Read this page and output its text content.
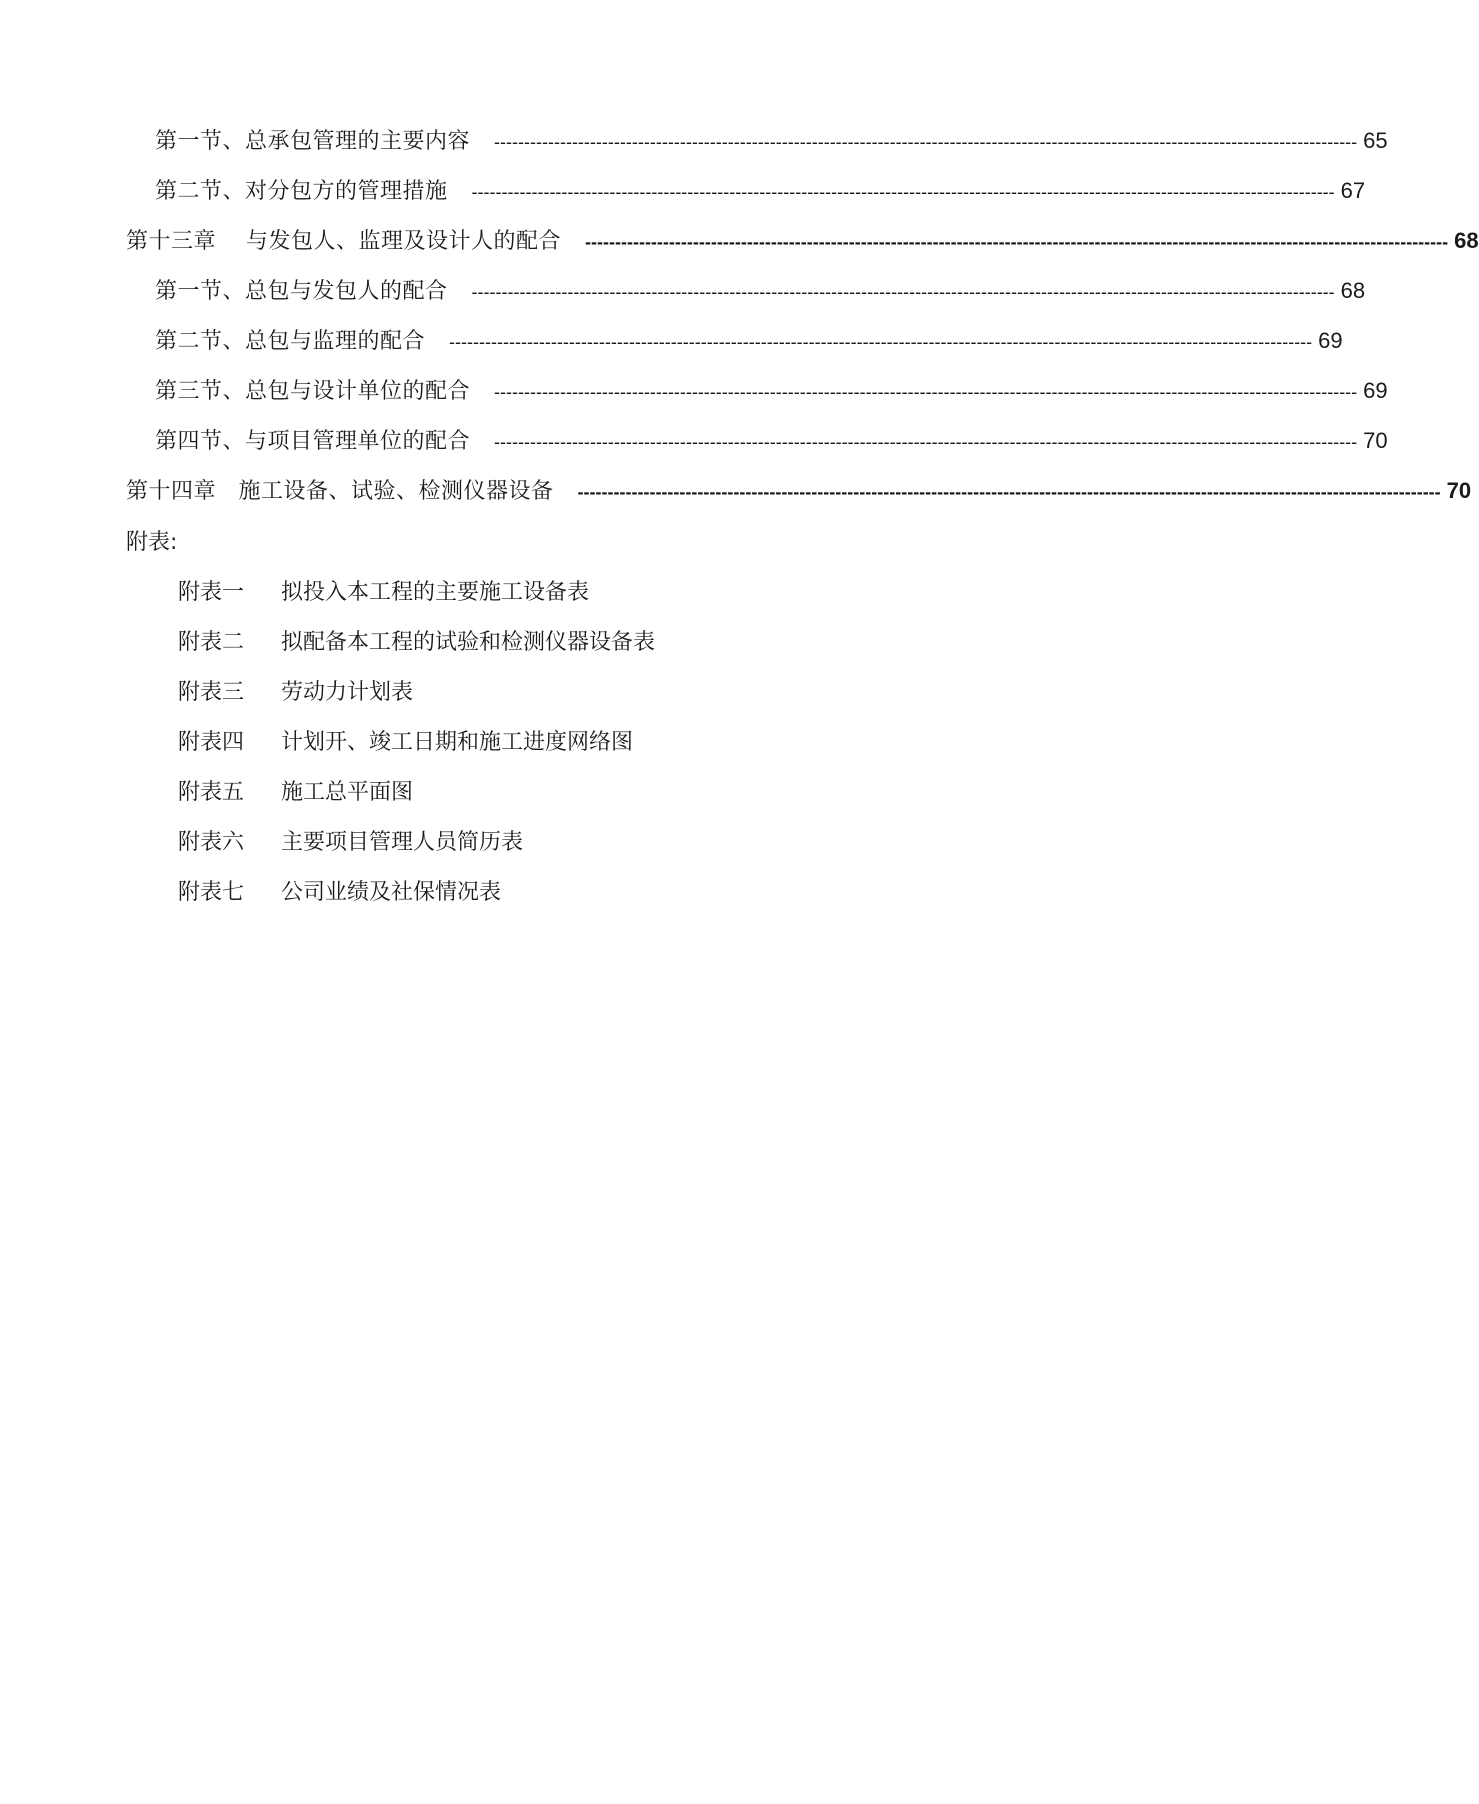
第一节、总承包管理的主要内容 ------------------------------------------------------------------------------------------------------------------------------------------------ 65
第二节、对分包方的管理措施 ------------------------------------------------------------------------------------------------------------------------------------------------ 67
第十三章　 与发包人、监理及设计人的配合 ------------------------------------------------------------------------------------------------------------------------------------------------ 68
第一节、总包与发包人的配合 ------------------------------------------------------------------------------------------------------------------------------------------------ 68
第二节、总包与监理的配合 ------------------------------------------------------------------------------------------------------------------------------------------------ 69
第三节、总包与设计单位的配合 ------------------------------------------------------------------------------------------------------------------------------------------------ 69
第四节、与项目管理单位的配合 ------------------------------------------------------------------------------------------------------------------------------------------------ 70
第十四章　施工设备、试验、检测仪器设备 ------------------------------------------------------------------------------------------------------------------------------------------------ 70
附表:
附表一 拟投入本工程的主要施工设备表
附表二 拟配备本工程的试验和检测仪器设备表
附表三 劳动力计划表
附表四 计划开、竣工日期和施工进度网络图
附表五 施工总平面图
附表六 主要项目管理人员简历表
附表七 公司业绩及社保情况表
